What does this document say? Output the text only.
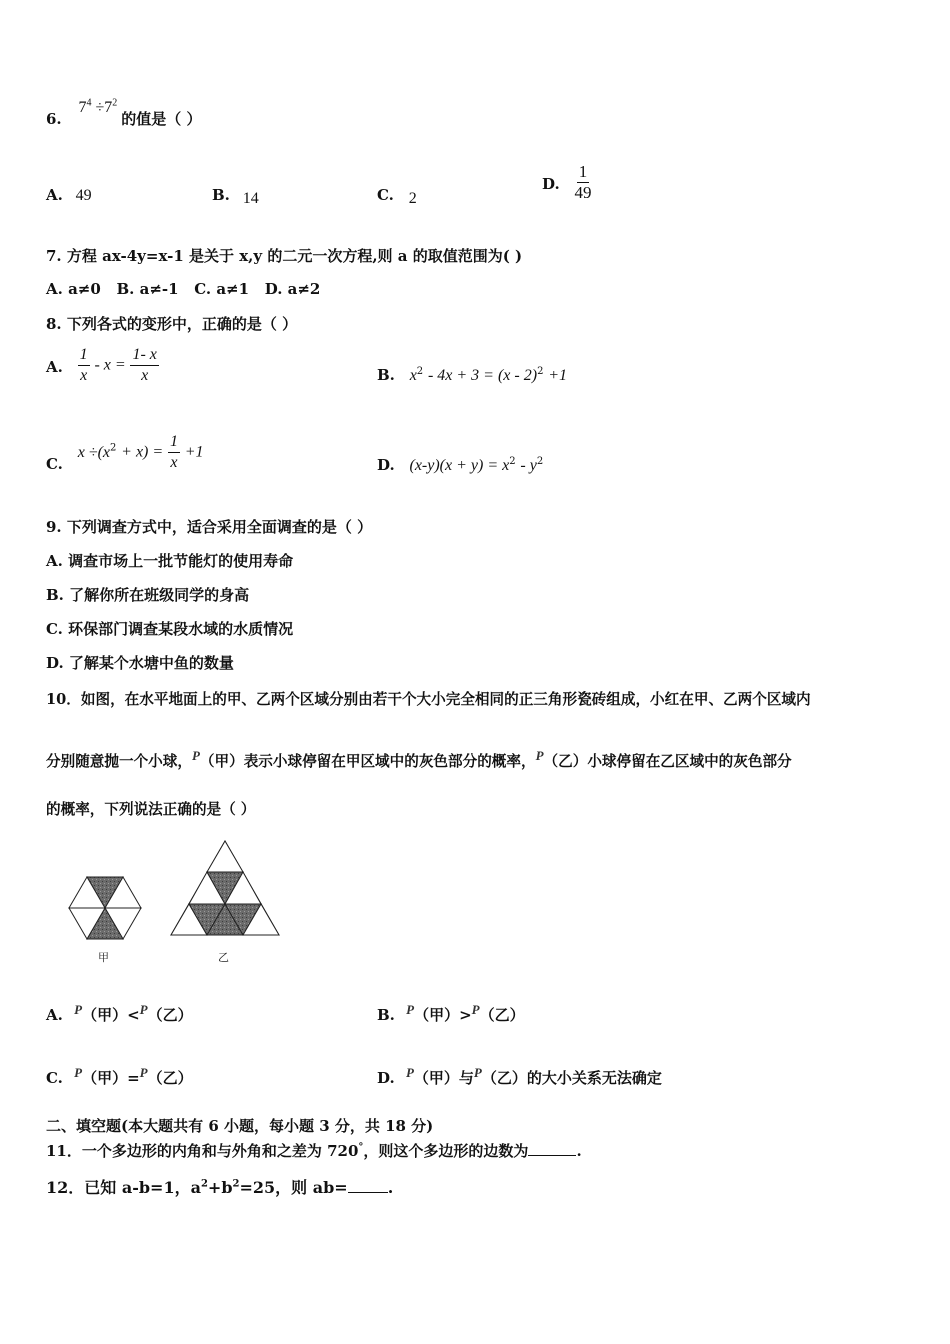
6. $7^4 \div 7^2$ 的值是（ ）
A. 49	B. 14	C. 2
D. $\frac{1}{49}$
7. 方程 ax-4y=x-1 是关于 x,y 的二元一次方程,则 a 的取值范围为( )
A. a≠0   B. a≠-1   C. a≠1   D. a≠2
8. 下列各式的变形中，正确的是（ ）
A. $\frac{1}{x} - x = \frac{1- x}{x}$	B. $x^2 - 4x + 3 = (x - 2)^2 +1$
C. $x \div(x^2 + x) = \frac{1}{x} +1$
D. $(x-y)(x + y) = x^2 - y^2$
9. 下列调查方式中，适合采用全面调查的是（ ）
A. 调查市场上一批节能灯的使用寿命
B. 了解你所在班级同学的身高
C. 环保部门调查某段水域的水质情况
D. 了解某个水塘中鱼的数量
10．如图，在水平地面上的甲、乙两个区域分别由若干个大小完全相同的正三角形瓷砖组成，小红在甲、乙两个区域内
分别随意抛一个小球，P（甲）表示小球停留在甲区域中的灰色部分的概率，P（乙）小球停留在乙区域中的灰色部分
的概率，下列说法正确的是（ ）
甲	乙
A. P（甲）<P（乙）	B. P（甲）>P（乙）
C. P（甲）=P（乙）	D. P（甲）与P（乙）的大小关系无法确定
二、填空题(本大题共有 6 小题，每小题 3 分，共 18 分)
11．一个多边形的内角和与外角和之差为 720°，则这个多边形的边数为	.
12．已知 a-b=1，$a^2+b^2=25$，则 ab=	.
